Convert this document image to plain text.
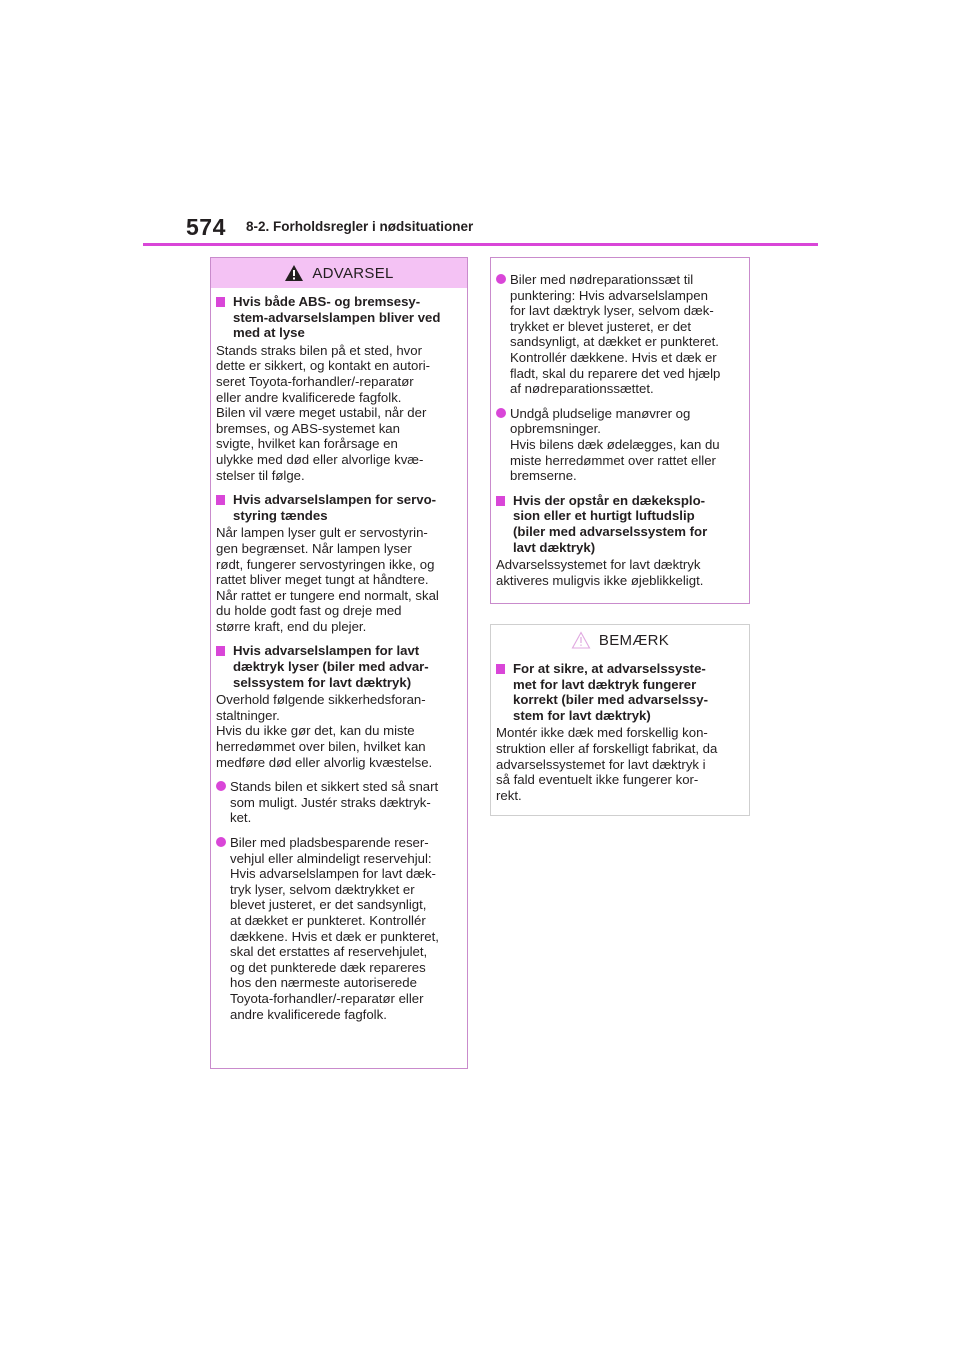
574 8-2. Forholdsregler i nødsituationer
ADVARSEL
Hvis både ABS- og bremsesy-
stem-advarselslampen bliver ved
med at lyse
Stands straks bilen på et sted, hvor
dette er sikkert, og kontakt en autori-
seret Toyota-forhandler/-reparatør
eller andre kvalificerede fagfolk.
Bilen vil være meget ustabil, når der
bremses, og ABS-systemet kan
svigte, hvilket kan forårsage en
ulykke med død eller alvorlige kvæ-
stelser til følge.
Hvis advarselslampen for servo-
styring tændes
Når lampen lyser gult er servostyrin-
gen begrænset. Når lampen lyser
rødt, fungerer servostyringen ikke, og
rattet bliver meget tungt at håndtere.
Når rattet er tungere end normalt, skal
du holde godt fast og dreje med
større kraft, end du plejer.
Hvis advarselslampen for lavt
dæktryk lyser (biler med advar-
selssystem for lavt dæktryk)
Overhold følgende sikkerhedsforan-
staltninger.
Hvis du ikke gør det, kan du miste
herredømmet over bilen, hvilket kan
medføre død eller alvorlig kvæstelse.
Stands bilen et sikkert sted så snart
som muligt. Justér straks dæktryk-
ket.
Biler med pladsbesparende reser-
vehjul eller almindeligt reservehjul:
Hvis advarselslampen for lavt dæk-
tryk lyser, selvom dæktrykket er
blevet justeret, er det sandsynligt,
at dækket er punkteret. Kontrollér
dækkene. Hvis et dæk er punkteret,
skal det erstattes af reservehjulet,
og det punkterede dæk repareres
hos den nærmeste autoriserede
Toyota-forhandler/-reparatør eller
andre kvalificerede fagfolk.
Biler med nødreparationssæt til
punktering: Hvis advarselslampen
for lavt dæktryk lyser, selvom dæk-
trykket er blevet justeret, er det
sandsynligt, at dækket er punkteret.
Kontrollér dækkene. Hvis et dæk er
fladt, skal du reparere det ved hjælp
af nødreparationssættet.
Undgå pludselige manøvrer og
opbremsninger.
Hvis bilens dæk ødelægges, kan du
miste herredømmet over rattet eller
bremserne.
Hvis der opstår en dækeksplo-
sion eller et hurtigt luftudslip
(biler med advarselssystem for
lavt dæktryk)
Advarselssystemet for lavt dæktryk
aktiveres muligvis ikke øjeblikkeligt.
BEMÆRK
For at sikre, at advarselssyste-
met for lavt dæktryk fungerer
korrekt (biler med advarselssy-
stem for lavt dæktryk)
Montér ikke dæk med forskellig kon-
struktion eller af forskelligt fabrikat, da
advarselssystemet for lavt dæktryk i
så fald eventuelt ikke fungerer kor-
rekt.
